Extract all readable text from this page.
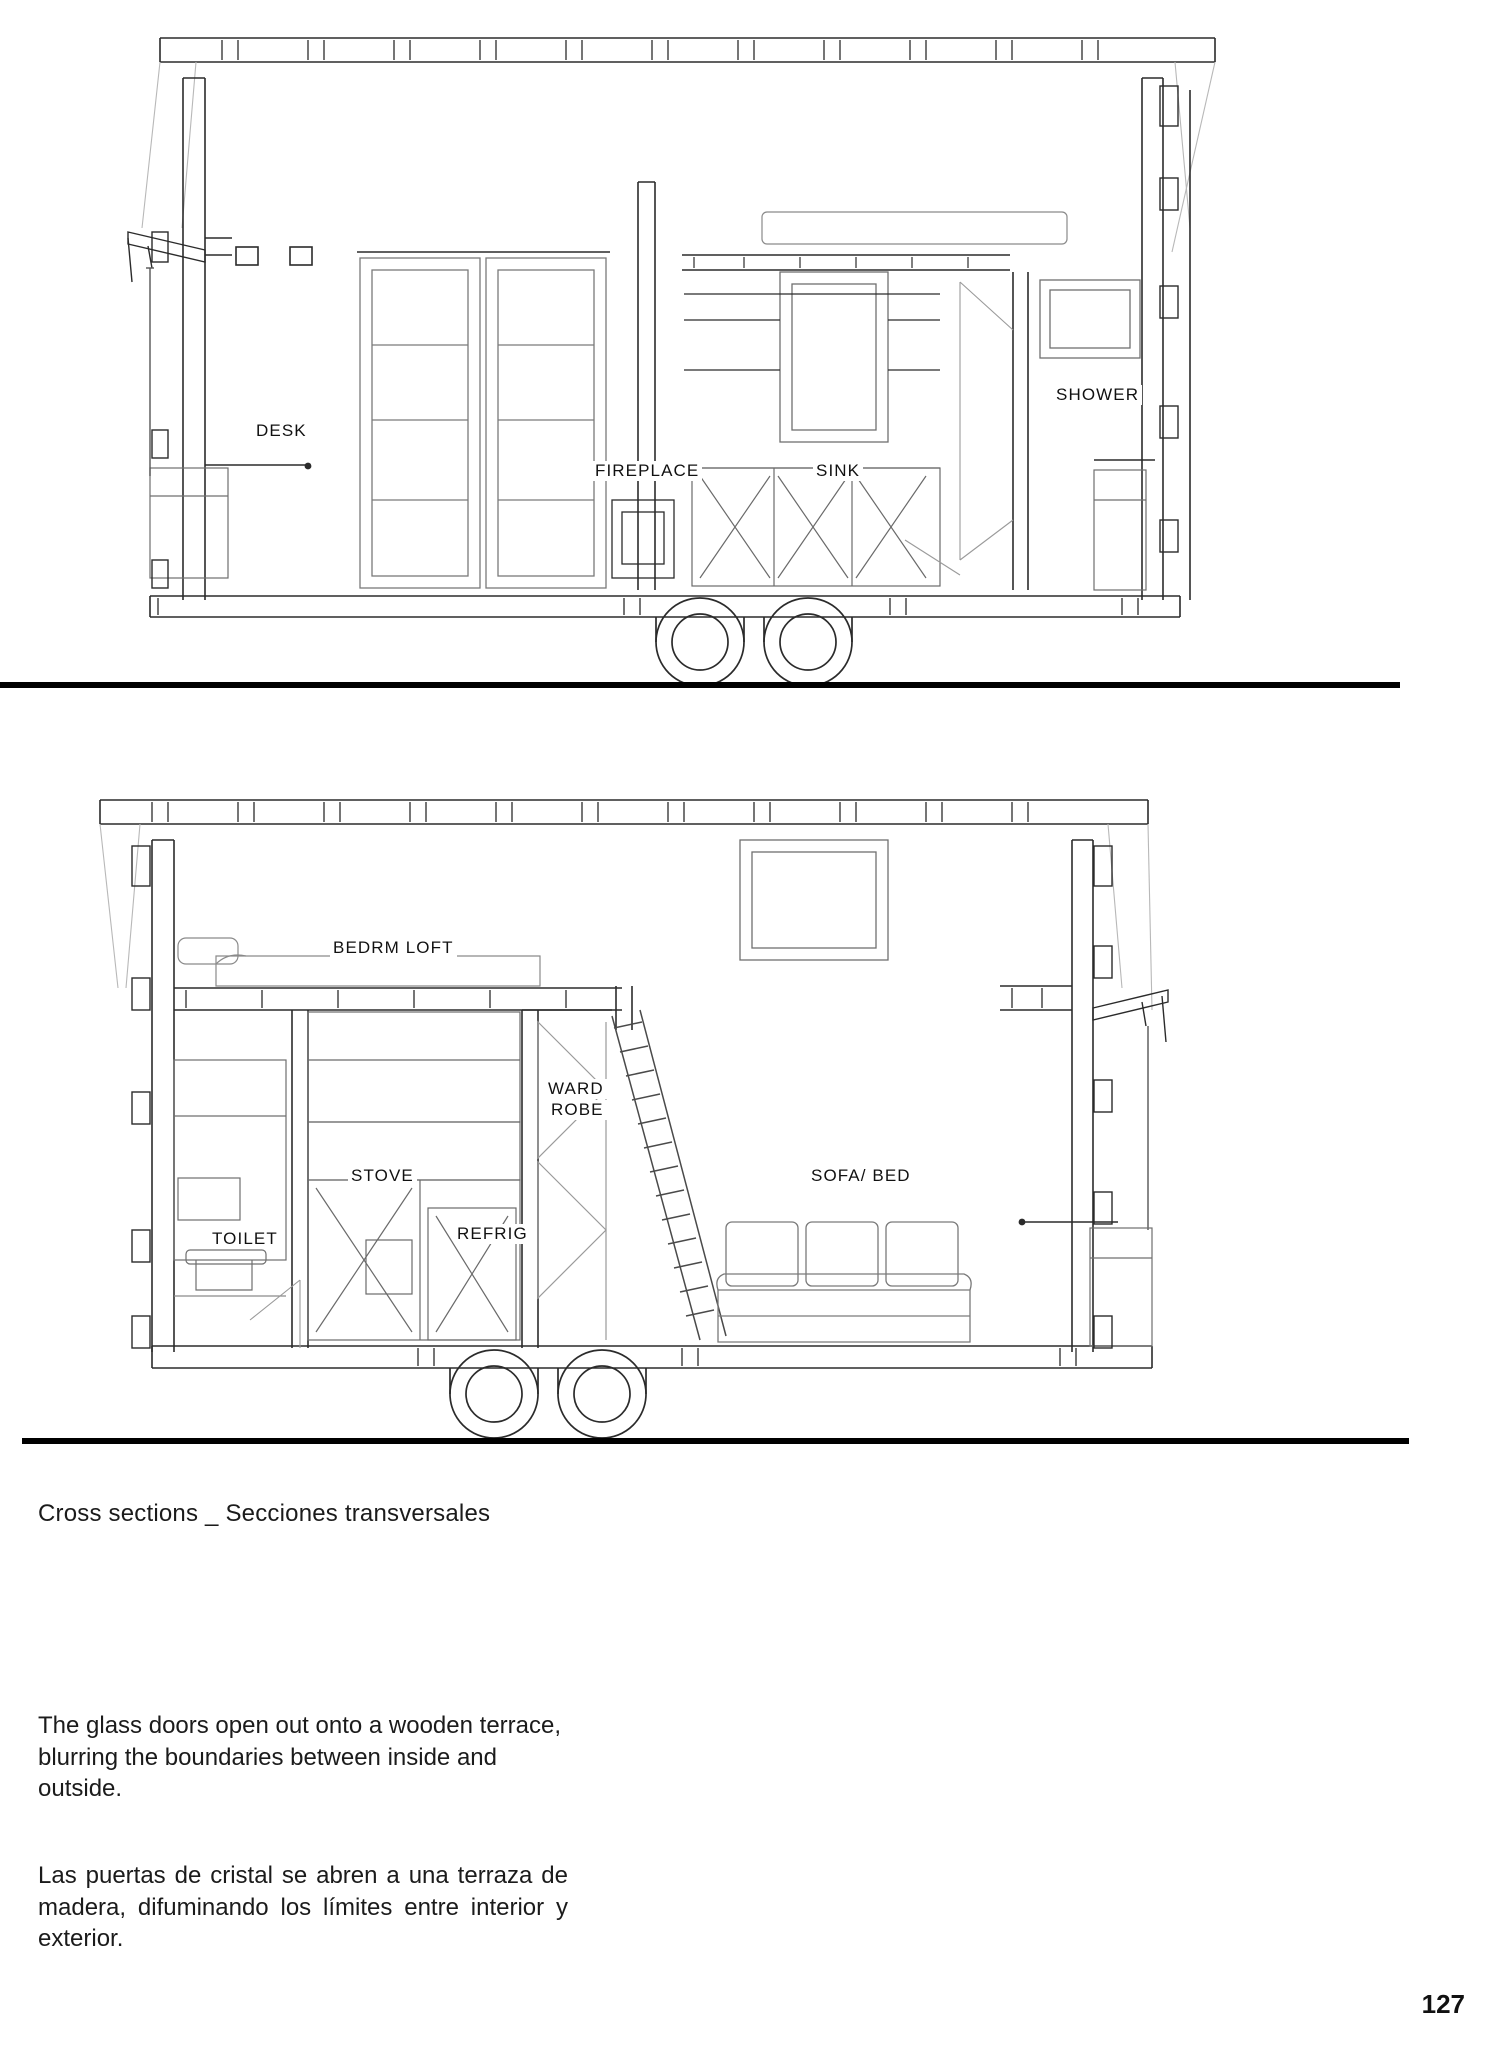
DESK
FIREPLACE	SINK
SHOWER
BEDRM LOFT
WARD
ROBE
STOVE	SOFA/ BED
REFRIG
TOILET
Cross sections _ Secciones transversales

The glass doors open out onto a wooden terrace, blurring the boundaries between inside and outside.

Las puertas de cristal se abren a una terraza de madera, difuminando los límites entre interior y exterior.

127
